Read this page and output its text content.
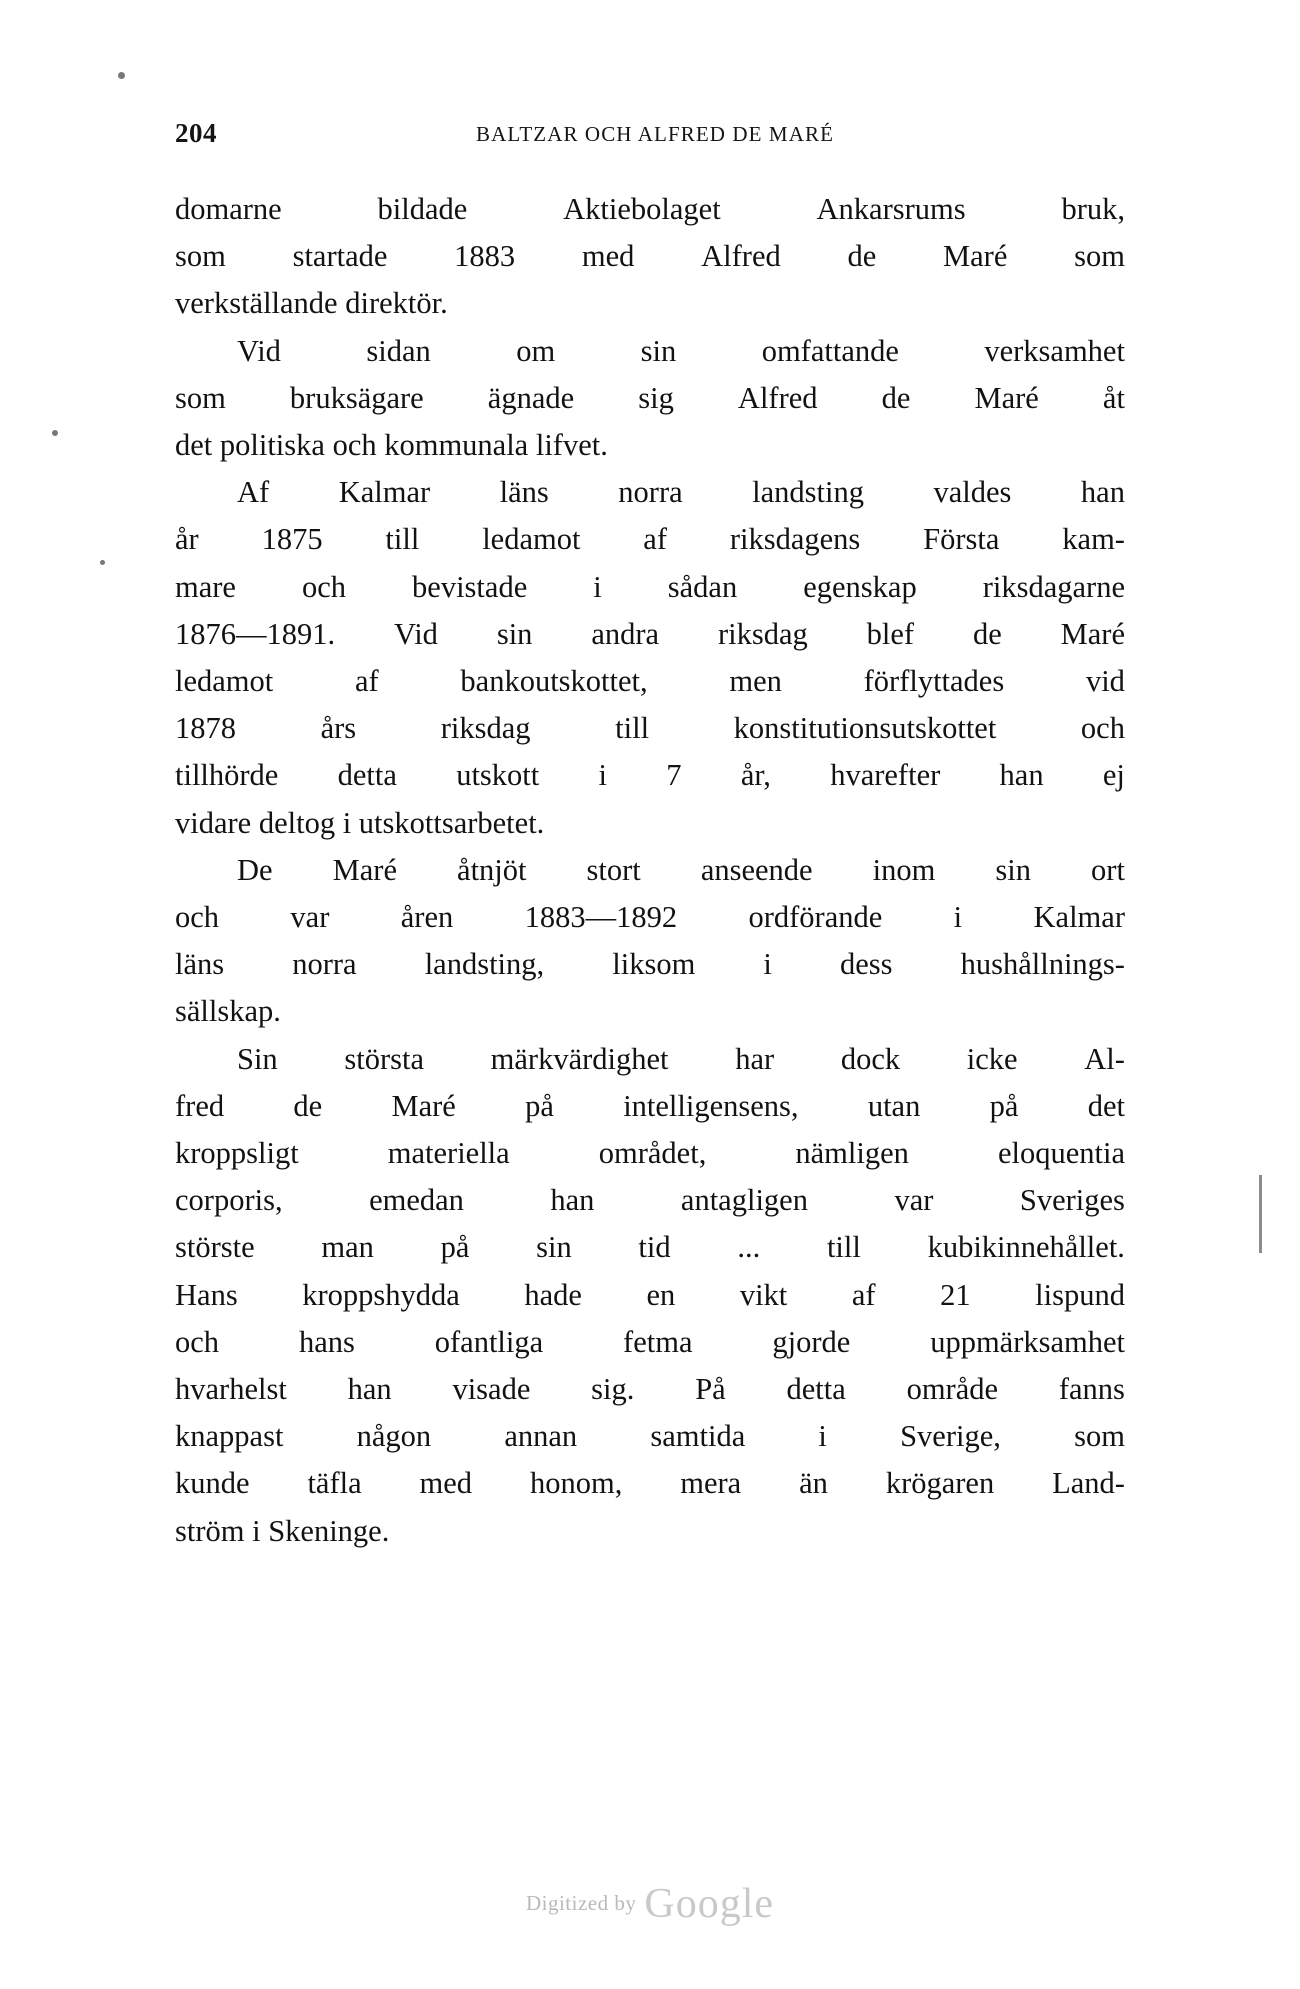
204	BALTZAR OCH ALFRED DE MARÉ

domarne	bildade	Aktiebolaget	Ankarsrums	bruk,
som startade 1883 med Alfred de Maré som
verkställande direktör.

Vid	sidan	om	sin	omfattande	verksamhet
som bruksägare ägnade sig Alfred de Maré åt
det politiska och kommunala lifvet.

Af Kalmar läns norra landsting valdes han
år 1875 till ledamot af riksdagens Första kam-
mare och bevistade i sådan egenskap riksdagarne
1876—1891. Vid sin andra riksdag blef de Maré
ledamot	af	bankoutskottet,	men	förflyttades	vid
1878	års	riksdag	till	konstitutionsutskottet	och
tillhörde detta utskott i 7 år, hvarefter han ej
vidare deltog i utskottsarbetet.

De Maré åtnjöt stort anseende inom sin ort
och var åren 1883—1892 ordförande i Kalmar
läns norra landsting, liksom i dess hushållnings-
sällskap.

Sin största märkvärdighet har dock icke Al-
fred de Maré på intelligensens, utan på det
kroppsligt	materiella	området,	nämligen	eloquentia
corporis,	emedan	han	antagligen	var	Sveriges
störste man på sin tid ... till kubikinnehållet.
Hans kroppshydda hade en vikt af 21 lispund
och	hans	ofantliga	fetma	gjorde	uppmärksamhet
hvarhelst han visade sig. På detta område fanns
knappast någon annan samtida i Sverige, som
kunde täfla med honom, mera än krögaren Land-
ström i Skeninge.

Digitized by Google
